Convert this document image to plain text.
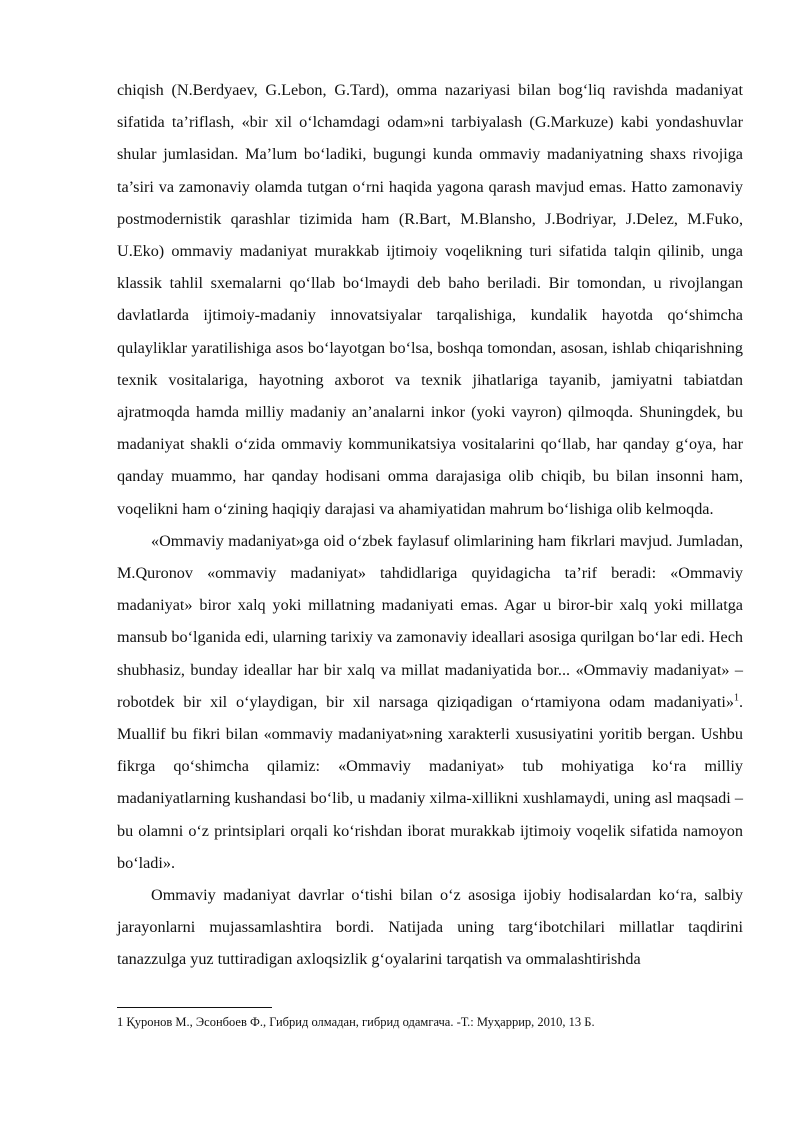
chiqish (N.Berdyaev, G.Lebon, G.Tard), omma nazariyasi bilan bog‘liq ravishda madaniyat sifatida ta’riflash, «bir xil o‘lchamdagi odam»ni tarbiyalash (G.Markuze) kabi yondashuvlar shular jumlasidan. Ma’lum bo‘ladiki, bugungi kunda ommaviy madaniyatning shaxs rivojiga ta’siri va zamonaviy olamda tutgan o‘rni haqida yagona qarash mavjud emas. Hatto zamonaviy postmodernistik qarashlar tizimida ham (R.Bart, M.Blansho, J.Bodriyar, J.Delez, M.Fuko, U.Eko) ommaviy madaniyat murakkab ijtimoiy voqelikning turi sifatida talqin qilinib, unga klassik tahlil sxemalarni qo‘llab bo‘lmaydi deb baho beriladi. Bir tomondan, u rivojlangan davlatlarda ijtimoiy-madaniy innovatsiyalar tarqalishiga, kundalik hayotda qo‘shimcha qulayliklar yaratilishiga asos bo‘layotgan bo‘lsa, boshqa tomondan, asosan, ishlab chiqarishning texnik vositalariga, hayotning axborot va texnik jihatlariga tayanib, jamiyatni tabiatdan ajratmoqda hamda milliy madaniy an’analarni inkor (yoki vayron) qilmoqda. Shuningdek, bu madaniyat shakli o‘zida ommaviy kommunikatsiya vositalarini qo‘llab, har qanday g‘oya, har qanday muammo, har qanday hodisani omma darajasiga olib chiqib, bu bilan insonni ham, voqelikni ham o‘zining haqiqiy darajasi va ahamiyatidan mahrum bo‘lishiga olib kelmoqda.

«Ommaviy madaniyat»ga oid o‘zbek faylasuf olimlarining ham fikrlari mavjud. Jumladan, M.Quronov «ommaviy madaniyat» tahdidlariga quyidagicha ta’rif beradi: «Ommaviy madaniyat» biror xalq yoki millatning madaniyati emas. Agar u biror-bir xalq yoki millatga mansub bo‘lganida edi, ularning tarixiy va zamonaviy ideallari asosiga qurilgan bo‘lar edi. Hech shubhasiz, bunday ideallar har bir xalq va millat madaniyatida bor... «Ommaviy madaniyat» – robotdek bir xil o‘ylaydigan, bir xil narsaga qiziqadigan o‘rtamiyona odam madaniyati»$^1$. Muallif bu fikri bilan «ommaviy madaniyat»ning xarakterli xususiyatini yoritib bergan. Ushbu fikrga qo‘shimcha qilamiz: «Ommaviy madaniyat» tub mohiyatiga ko‘ra milliy madaniyatlarning kushandasi bo‘lib, u madaniy xilma-xillikni xushlamaydi, uning asl maqsadi – bu olamni o‘z printsiplari orqali ko‘rishdan iborat murakkab ijtimoiy voqelik sifatida namoyon bo‘ladi».

Ommaviy madaniyat davrlar o‘tishi bilan o‘z asosiga ijobiy hodisalardan ko‘ra, salbiy jarayonlarni mujassamlashtira bordi. Natijada uning targ‘ibotchilari millatlar taqdirini tanazzulga yuz tuttiradigan axloqsizlik g‘oyalarini tarqatish va ommalashtirishda

1 Қуронов М., Эсонбоев Ф., Гибрид олмадан, гибрид одамгача. -Т.: Муҳаррир, 2010, 13 Б.
